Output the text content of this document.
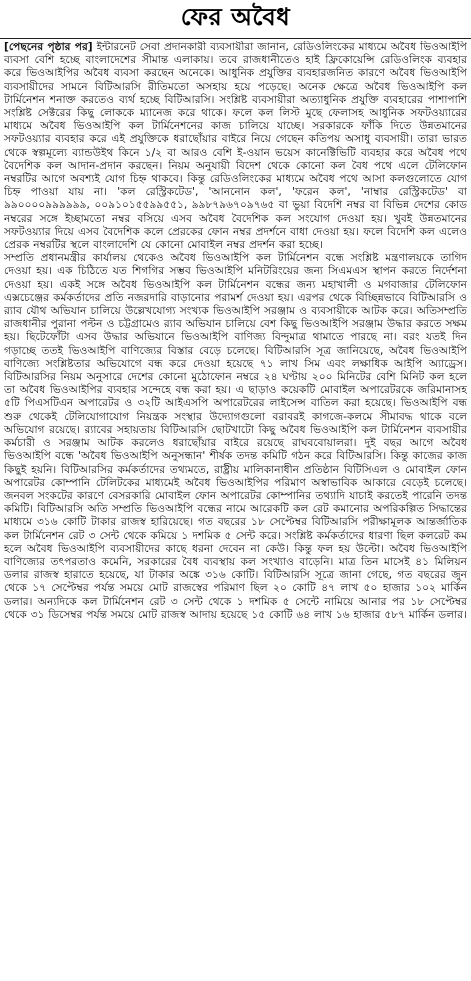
ফের অবৈধ

[পেছনের পৃষ্ঠার পর] ইন্টারনেট সেবা প্রদানকারী ব্যবসায়ীরা জানান, রেডিওলিংকের মাধ্যমে অবৈধ ভিওআইপি ব্যবসা বেশি হচ্ছে বাংলাদেশের সীমান্ত এলাকায়। তবে রাজধানীতেও হাই ফ্রিকোয়েন্সি রেডিওলিংক ব্যবহার করে ভিওআইপির অবৈধ ব্যবসা করছেন অনেকে। আধুনিক প্রযুক্তির ব্যবহারজনিত কারণে অবৈধ ভিওআইপি ব্যবসায়ীদের সামনে বিটিআরসি রীতিমতো অসহায় হয়ে পড়েছে। অনেক ক্ষেত্রে অবৈধ ভিওআইপি কল টার্মিনেশন শনাক্ত করতেও ব্যর্থ হচ্ছে বিটিআরসি। সংশ্লিষ্ট ব্যবসায়ীরা অত্যাধুনিক প্রযুক্তি ব্যবহারের পাশাপাশি সংশ্লিষ্ট সেক্টরের কিছু লোককে ম্যানেজ করে থাকে। ফলে কল লিস্ট মুছে ফেলাসহ আধুনিক সফটওয়্যারের মাধ্যমে অবৈধ ভিওআইপি কল টার্মিনেশনের কাজ চালিয়ে যাচ্ছে। সরকারকে ফাঁকি দিতে উন্নতমানের সফটওয়্যার ব্যবহার করে এই প্রযুক্তিকে ধরাছোঁয়ার বাইরে নিয়ে গেছেন কতিপয় অসাধু ব্যবসায়ী। তারা ভারত থেকে স্বল্পমূল্যে ব্যান্ডউইথ কিনে ১/২ বা আরও বেশি ই-ওয়ান ভয়েস কানেক্টিভিটি ব্যবহার করে অবৈধ পথে বৈদেশিক কল আদান-প্রদান করছেন। নিয়ম অনুযায়ী বিদেশ থেকে কোনো কল বৈধ পথে এলে টেলিফোন নম্বরটির আগে অবশ্যই যোগ চিহ্ন থাকবে। কিন্তু রেডিওলিংকের মাধ্যমে অবৈধ পথে আসা কলগুলোতে যোগ চিহ্ন পাওয়া যায় না। 'কল রেস্ট্রিকটেড', 'আননোন কল', 'ফরেন কল', 'নাম্বার রেস্ট্রিকটেড' বা ৯৯০০০০৯৯৯৯৯৯, ০০৯১০১৫৫৯৯৫৫১, ৯৯৮৭৯৬৭০৯৭৬৫ বা ভুয়া বিদেশি নম্বর বা বিভিন্ন দেশের কোড নম্বরের সঙ্গে ইচ্ছামতো নম্বর বসিয়ে এসব অবৈধ বৈদেশিক কল সংযোগ দেওয়া হয়। খুবই উন্নতমানের সফটওয়্যার দিয়ে এসব বৈদেশিক কলে প্রেরকের ফোন নম্বর প্রদর্শনে বাধা দেওয়া হয়। ফলে বিদেশি কল এলেও প্রেরক নম্বরটির স্থলে বাংলাদেশি যে কোনো মোবাইল নম্বর প্রদর্শন করা হচ্ছে।

সম্প্রতি প্রধানমন্ত্রীর কার্যালয় থেকেও অবৈধ ভিওআইপি কল টার্মিনেশন বন্ধে সংশ্লিষ্ট মন্ত্রণালয়কে তাগিদ দেওয়া হয়। এক চিঠিতে যত শিগগির সম্ভব ভিওআইপি মনিটরিংয়ের জন্য সিএমএস স্থাপন করতে নির্দেশনা দেওয়া হয়। একই সঙ্গে অবৈধ ভিওআইপি কল টার্মিনেশন বন্ধের জন্য মহাখালী ও মগবাজার টেলিফোন এক্সচেঞ্জের কর্মকর্তাদের প্রতি নজরদারি বাড়ানোর পরামর্শ দেওয়া হয়। এরপর থেকে বিচ্ছিন্নভাবে বিটিআরসি ও র‍্যাব যৌথ অভিযান চালিয়ে উল্লেখযোগ্য সংখ্যক ভিওআইপি সরঞ্জাম ও ব্যবসায়ীকে আটক করে। অতিসম্প্রতি রাজধানীর পুরানা পল্টন ও চট্টগ্রামেও র‍্যাব অভিযান চালিয়ে বেশ কিছু ভিওআইপি সরঞ্জাম উদ্ধার করতে সক্ষম হয়। ছিটেফোঁটা এসব উদ্ধার অভিযানে ভিওআইপি বাণিজ্য বিন্দুমাত্র থামাতে পারছে না। বরং যতই দিন গড়াচ্ছে ততই ভিওআইপি বাণিজ্যের বিস্তার বেড়ে চলেছে। বিটিআরসি সূত্র জানিয়েছে, অবৈধ ভিওআইপি বাণিজ্যে সংশ্লিষ্টতার অভিযোগে বন্ধ করে দেওয়া হয়েছে ৭১ লাখ সিম এবং লক্ষাধিক আইপি অ্যাড্রেস। বিটিআরসির নিয়ম অনুসারে দেশের কোনো মুঠোফোন নম্বরে ২৪ ঘণ্টায় ২০০ মিনিটের বেশি মিনিট কল হলে তা অবৈধ ভিওআইপির ব্যবহার সন্দেহে বন্ধ করা হয়। এ ছাড়াও কয়েকটি মোবাইল অপারেটরকে জরিমানাসহ ৫টি পিএসটিএন অপারেটর ও ৩২টি আইএসপি অপারেটরের লাইসেন্স বাতিল করা হয়েছে। ভিওআইপি বন্ধ শুরু থেকেই টেলিযোগাযোগ নিয়ন্ত্রক সংস্থার উদ্যোগগুলো বরাবরই কাগজে-কলমে সীমাবদ্ধ থাকে বলে অভিযোগ রয়েছে। র‍্যাবের সহায়তায় বিটিআরসি ছোটখাটো কিছু অবৈধ ভিওআইপি কল টার্মিনেশন ব্যবসায়ীর কর্মচারী ও সরঞ্জাম আটক করলেও ধরাছোঁয়ার বাইরে রয়েছে রাঘববোয়ালরা। দুই বছর আগে অবৈধ ভিওআইপি বন্ধে 'অবৈধ ভিওআইপি অনুসন্ধান' শীর্ষক তদন্ত কমিটি গঠন করে বিটিআরসি। কিন্তু কাজের কাজ কিছুই হয়নি। বিটিআরসির কর্মকর্তাদের তথ্যমতে, রাষ্ট্রীয় মালিকানাধীন প্রতিষ্ঠান বিটিসিএল ও মোবাইল ফোন অপারেটর কোম্পানি টেলিটকের মাধ্যমেই অবৈধ ভিওআইপির পরিমাণ অস্বাভাবিক আকারে বেড়েই চলেছে। জনবল সংকটের কারণে বেসরকারি মোবাইল ফোন অপারেটর কোম্পানির তথ্যাদি যাচাই করতেই পারেনি তদন্ত কমিটি। বিটিআরসি অতি সম্প্রতি ভিওআইপি বন্ধের নামে আরেকটি কল রেট কমানোর অপরিকল্পিত সিদ্ধান্তের মাধ্যমে ৩১৬ কোটি টাকার রাজস্ব হারিয়েছে। গত বছরের ১৮ সেপ্টেম্বর বিটিআরসি পরীক্ষামূলক আন্তর্জাতিক কল টার্মিনেশন রেট ৩ সেন্ট থেকে কমিয়ে ১ দশমিক ৫ সেন্ট করে। সংশ্লিষ্ট কর্মকর্তাদের ধারণা ছিল কলরেট কম হলে অবৈধ ভিওআইপি ব্যবসায়ীদের কাছে ধরনা দেবেন না কেউ। কিন্তু ফল হয় উল্টো। অবৈধ ভিওআইপি বাণিজ্যের তৎপরতাও কমেনি, সরকারের বৈধ ব্যবস্থায় কল সংখ্যাও বাড়েনি। মাত্র তিন মাসেই ৪১ মিলিয়ন ডলার রাজস্ব হারাতে হয়েছে, যা টাকার অঙ্কে ৩১৬ কোটি। বিটিআরসি সূত্রে জানা গেছে, গত বছরের জুন থেকে ১৭ সেপ্টেম্বর পর্যন্ত সময়ে মোট রাজস্বের পরিমাণ ছিল ২০ কোটি ৪৭ লাখ ৫০ হাজার ১০২ মার্কিন ডলার। অন্যদিকে কল টার্মিনেশন রেট ৩ সেন্ট থেকে ১ দশমিক ৫ সেন্টে নামিয়ে আনার পর ১৮ সেপ্টেম্বর থেকে ৩১ ডিসেম্বর পর্যন্ত সময়ে মোট রাজস্ব আদায় হয়েছে ১৫ কোটি ৬৪ লাখ ১৬ হাজার ৫৮৭ মার্কিন ডলার।
